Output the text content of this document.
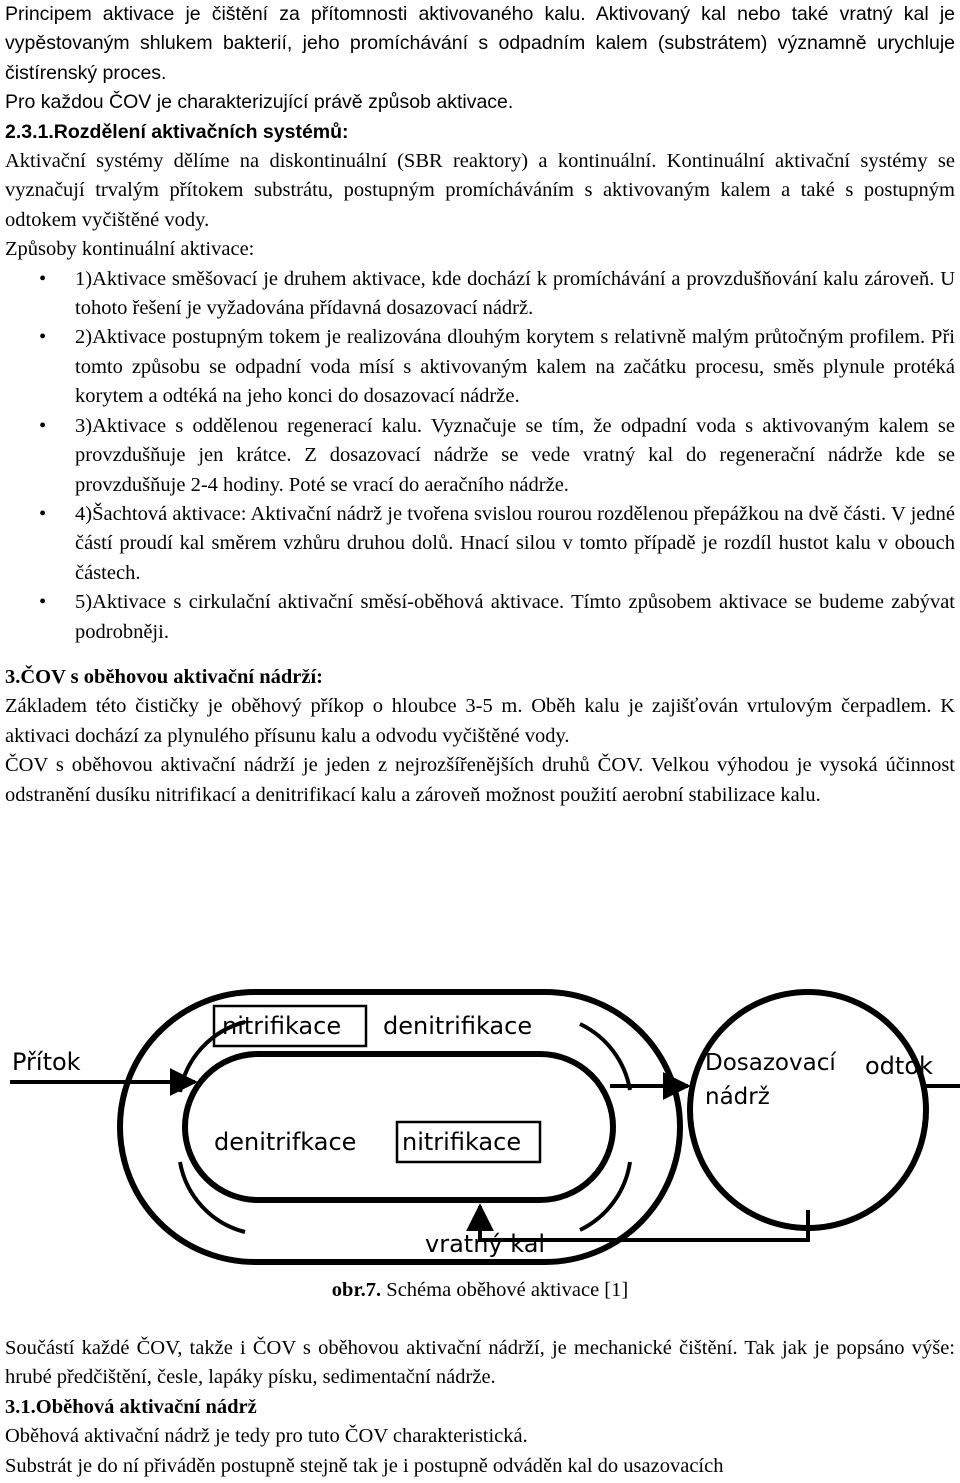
Principem aktivace je čištění za přítomnosti aktivovaného kalu. Aktivovaný kal nebo také vratný kal je vypěstovaným shlukem bakterií, jeho promíchávání s odpadním kalem (substrátem) významně urychluje čistírenský proces.

Pro každou ČOV je charakterizující právě způsob aktivace.

2.3.1.Rozdělení aktivačních systémů:

Aktivační systémy dělíme na diskontinuální (SBR reaktory) a kontinuální. Kontinuální aktivační systémy se vyznačují trvalým přítokem substrátu, postupným promícháváním s aktivovaným kalem a také s postupným odtokem vyčištěné vody.

Způsoby kontinuální aktivace:

• 1)Aktivace směšovací je druhem aktivace, kde dochází k promíchávání a provzdušňování kalu zároveň. U tohoto řešení je vyžadována přídavná dosazovací nádrž.
• 2)Aktivace postupným tokem je realizována dlouhým korytem s relativně malým průtočným profilem. Při tomto způsobu se odpadní voda mísí s aktivovaným kalem na začátku procesu, směs plynule protéká korytem a odtéká na jeho konci do dosazovací nádrže.
• 3)Aktivace s oddělenou regenerací kalu. Vyznačuje se tím, že odpadní voda s aktivovaným kalem se provzdušňuje jen krátce. Z dosazovací nádrže se vede vratný kal do regenerační nádrže kde se provzdušňuje 2-4 hodiny. Poté se vrací do aeračního nádrže.
• 4)Šachtová aktivace: Aktivační nádrž je tvořena svislou rourou rozdělenou přepážkou na dvě části. V jedné částí proudí kal směrem vzhůru druhou dolů. Hnací silou v tomto případě je rozdíl hustot kalu v obouch částech.
• 5)Aktivace s cirkulační aktivační směsí-oběhová aktivace. Tímto způsobem aktivace se budeme zabývat podrobněji.

3.ČOV s oběhovou aktivační nádrží:

Základem této čističky je oběhový příkop o hloubce 3-5 m. Oběh kalu je zajišťován vrtulovým čerpadlem. K aktivaci dochází za plynulého přísunu kalu a odvodu vyčištěné vody.

ČOV s oběhovou aktivační nádrží je jeden z nejrozšířenějších druhů ČOV. Velkou výhodou je vysoká účinnost odstranění dusíku nitrifikací a denitrifikací kalu a zároveň možnost použití aerobní stabilizace kalu.

Přítok
nitrifikace denitrifikace
denitrifkace nitrifikace
Dosazovací nádrž
odtok
vratný kal
obr.7. Schéma oběhové aktivace [1]

Součástí každé ČOV, takže i ČOV s oběhovou aktivační nádrží, je mechanické čištění. Tak jak je popsáno výše: hrubé předčištění, česle, lapáky písku, sedimentační nádrže.

3.1.Oběhová aktivační nádrž

Oběhová aktivační nádrž je tedy pro tuto ČOV charakteristická.

Substrát je do ní přiváděn postupně stejně tak je i postupně odváděn kal do usazovacích
